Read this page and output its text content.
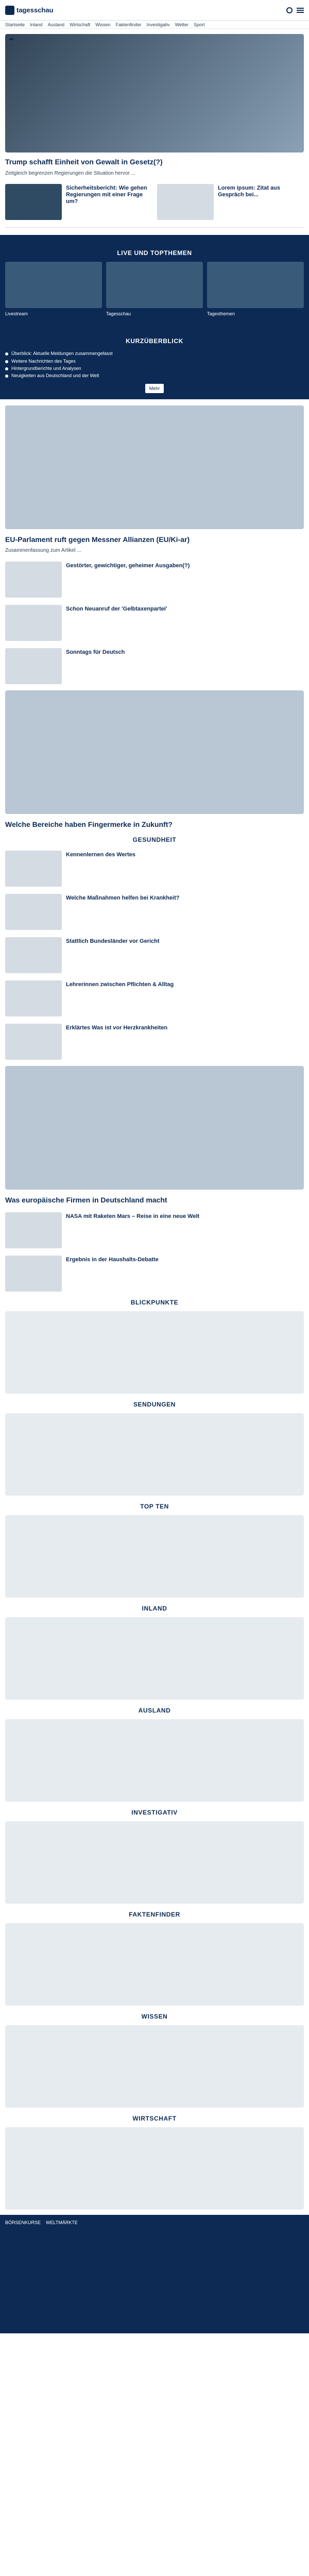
tagesschau
Startseite Inland Ausland Wirtschaft Wissen Faktenfinder Investigativ Wetter Sport
Trump schafft Einheit von Gewalt in Gesetz(?)
Zeitgleich begrenzen Regierungen die Situation hervor ...
Sicherheitsbericht: Wie gehen Regierungen mit einer Frage um?
Lorem ipsum: Zitat aus Gespräch bei...
LIVE UND TOPTHEMEN
Livestream	Tagesschau	Tagesthemen
KURZÜBERBLICK
Überblick: Aktuelle Meldungen zusammengefasst
Weitere Nachrichten des Tages
Hintergrundberichte und Analysen
Neuigkeiten aus Deutschland und der Welt
Mehr
EU-Parlament ruft gegen Messner Allianzen (EU/Ki-ar)
Zusammenfassung zum Artikel ...
Gestörter, gewichtiger, geheimer Ausgaben(?)
Schon Neuanruf der 'Gelbtaxenpartei'
Sonntags für Deutsch
Welche Bereiche haben Fingermerke in Zukunft?
GESUNDHEIT
Kennenlernen des Wertes
Welche Maßnahmen helfen bei Krankheit?
Stattlich Bundesländer vor Gericht
Lehrerinnen zwischen Pflichten & Alltag
Erklärtes Was ist vor Herzkrankheiten
Was europäische Firmen in Deutschland macht
NASA mit Raketen Mars – Reise in eine neue Welt
Ergebnis in der Haushalts-Debatte
BLICKPUNKTE
SENDUNGEN
TOP TEN
INLAND
AUSLAND
INVESTIGATIV
FAKTENFINDER
WISSEN
WIRTSCHAFT
BÖRSENKURSE WELTMÄRKTE
tagesschau
